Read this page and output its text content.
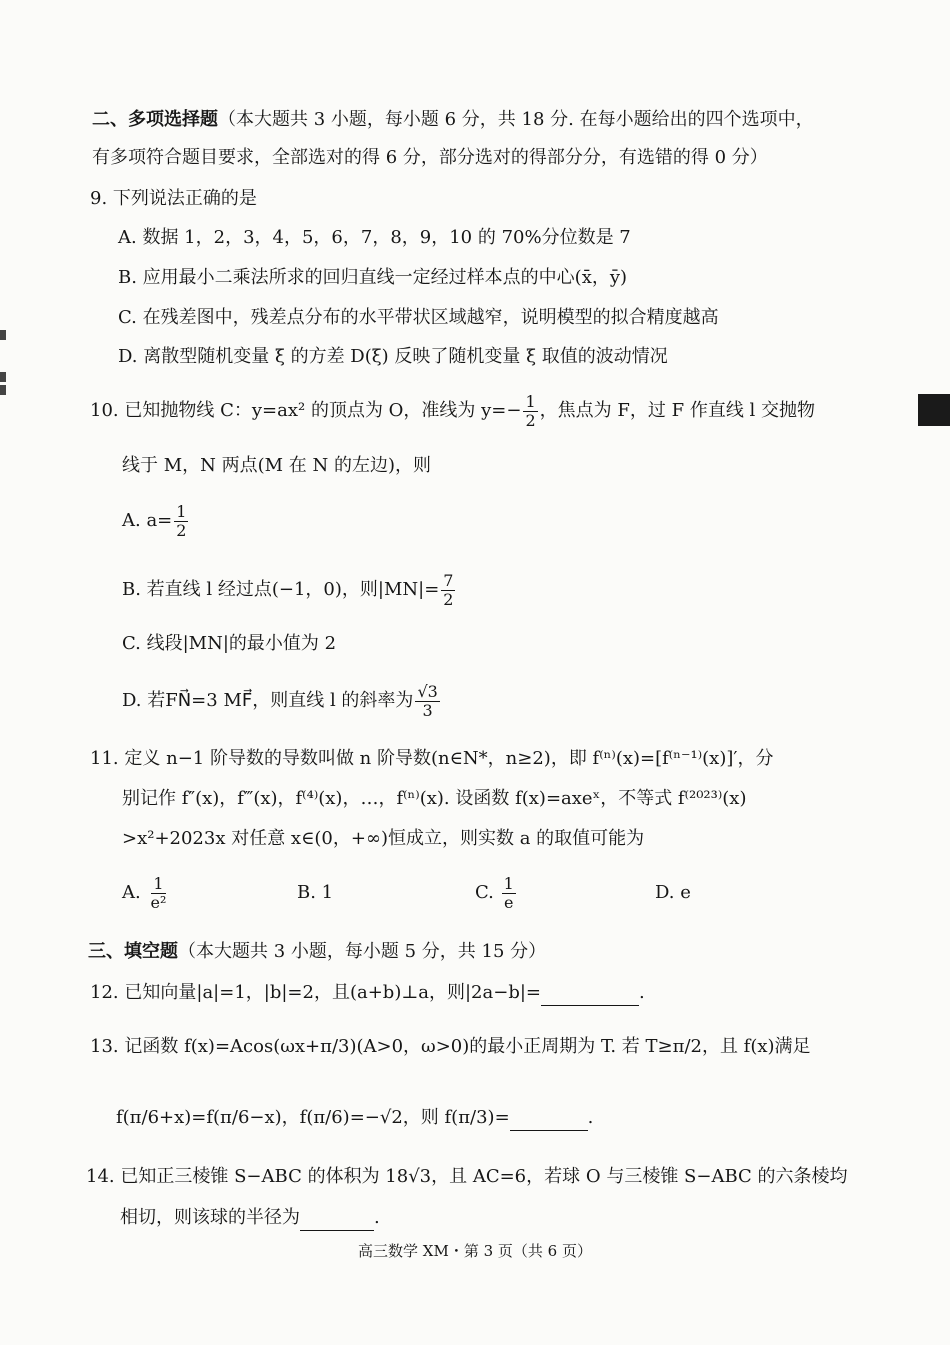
二、多项选择题（本大题共 3 小题，每小题 6 分，共 18 分. 在每小题给出的四个选项中，
有多项符合题目要求，全部选对的得 6 分，部分选对的得部分分，有选错的得 0 分）
9. 下列说法正确的是
A. 数据 1，2，3，4，5，6，7，8，9，10 的 70%分位数是 7
B. 应用最小二乘法所求的回归直线一定经过样本点的中心(x̄，ȳ)
C. 在残差图中，残差点分布的水平带状区域越窄，说明模型的拟合精度越高
D. 离散型随机变量 ξ 的方差 D(ξ) 反映了随机变量 ξ 取值的波动情况
10. 已知抛物线 C：y=ax² 的顶点为 O，准线为 $y=- \frac{1}{2}$ ，焦点为 F，过 F 作直线 l 交抛物
线于 M，N 两点(M 在 N 的左边)，则
A. $a= \frac{1}{2}$
B. 若直线 l 经过点(−1，0)，则$|MN|= \frac{7}{2}$
C. 线段|MN|的最小值为 2
D. 若FN⃗=3 MF⃗，则直线 l 的斜率为 $\frac{√3}{3}$
11. 定义 n−1 阶导数的导数叫做 n 阶导数(n∈N*，n≥2)，即 f⁽ⁿ⁾(x)=[f⁽ⁿ⁻¹⁾(x)]′，分
别记作 f″(x)，f‴(x)，f⁽⁴⁾(x)，…，f⁽ⁿ⁾(x). 设函数 f(x)=axeˣ，不等式 f⁽²⁰²³⁾(x)
>x²+2023x 对任意 x∈(0，+∞)恒成立，则实数 a 的取值可能为
A. $\frac{1}{\text{e²}}$	B. 1	C. $\frac{1}{e}$	D. e
三、填空题（本大题共 3 小题，每小题 5 分，共 15 分）
12. 已知向量|a|=1，|b|=2，且(a+b)⊥a，则|2a−b|=	.
13. 记函数 f(x)=Acos(ωx+π/3)(A>0，ω>0)的最小正周期为 T. 若 T≥π/2，且 f(x)满足
f(π/6+x)=f(π/6−x)，f(π/6)=−√2，则 f(π/3)=	.
14. 已知正三棱锥 S−ABC 的体积为 18√3，且 AC=6，若球 O 与三棱锥 S−ABC 的六条棱均
相切，则该球的半径为	.
高三数学 XM・第 3 页（共 6 页）
